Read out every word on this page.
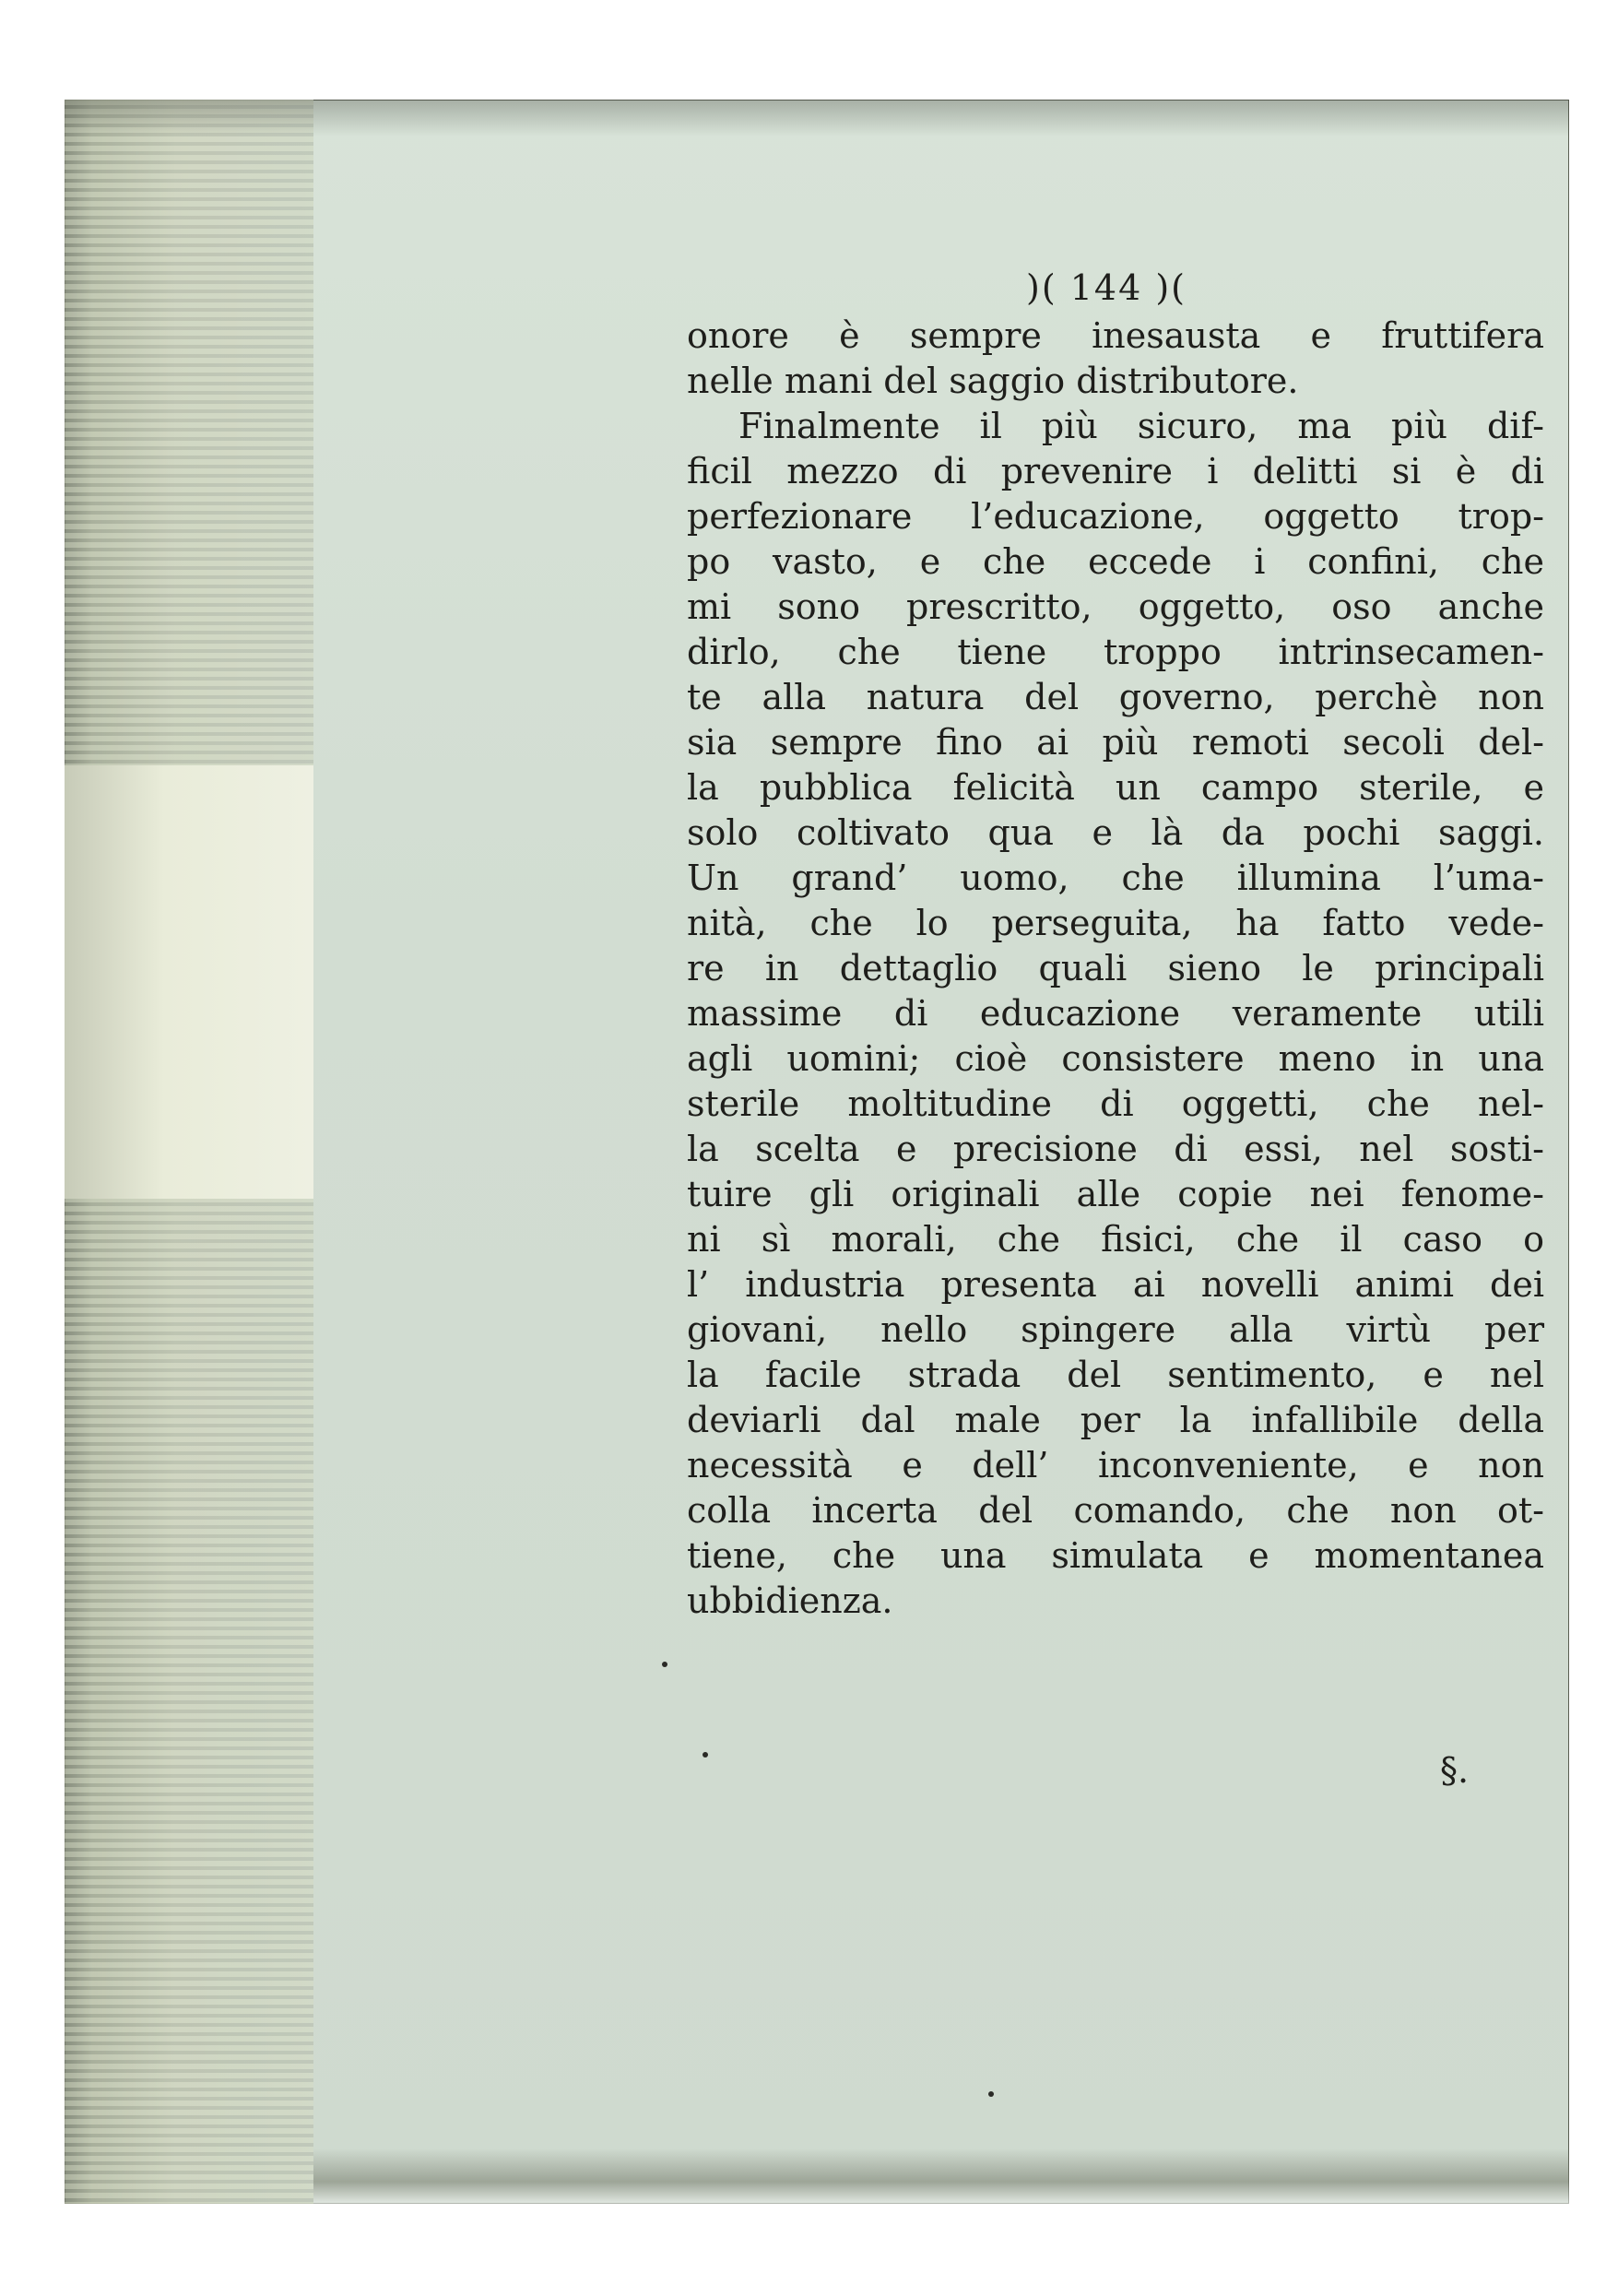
)( 144 )(
onore è sempre inesausta e fruttifera
nelle mani del saggio distributore.
Finalmente il più sicuro, ma più dif-
ficil mezzo di prevenire i delitti si è di
perfezionare l’educazione, oggetto trop-
po vasto, e che eccede i confini, che
mi sono prescritto, oggetto, oso anche
dirlo, che tiene troppo intrinsecamen-
te alla natura del governo, perchè non
sia sempre fino ai più remoti secoli del-
la pubblica felicità un campo sterile, e
solo coltivato qua e là da pochi saggi.
Un grand’ uomo, che illumina l’uma-
nità, che lo perseguita, ha fatto vede-
re in dettaglio quali sieno le principali
massime di educazione veramente utili
agli uomini; cioè consistere meno in una
sterile moltitudine di oggetti, che nel-
la scelta e precisione di essi, nel sosti-
tuire gli originali alle copie nei fenome-
ni sì morali, che fisici, che il caso o
l’ industria presenta ai novelli animi dei
giovani, nello spingere alla virtù per
la facile strada del sentimento, e nel
deviarli dal male per la infallibile della
necessità e dell’ inconveniente, e non
colla incerta del comando, che non ot-
tiene, che una simulata e momentanea
ubbidienza.
§.
